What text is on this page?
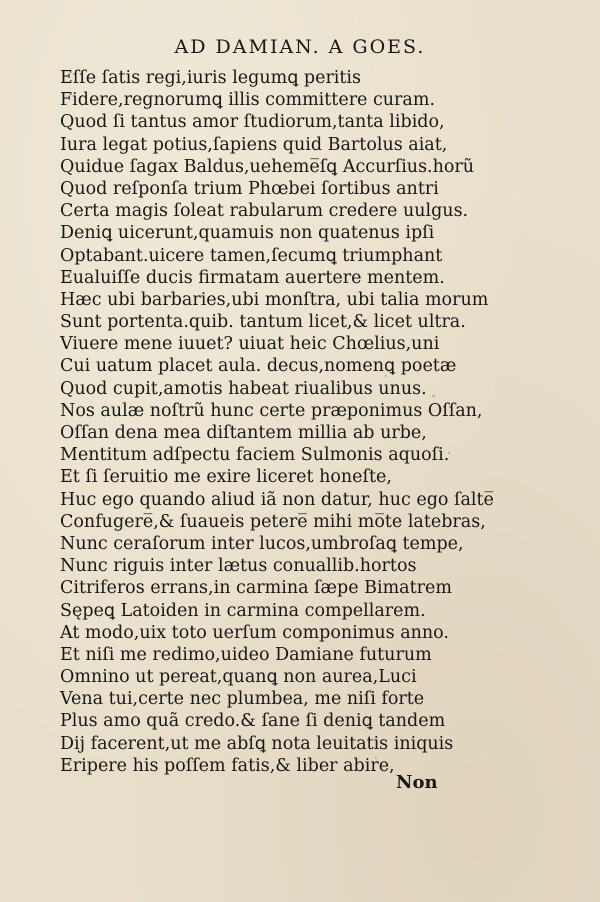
AD DAMIAN. A GOES.
Eſſe ſatis regi,iuris legumꝗ peritis
Fidere,regnorumꝗ illis committere curam.
Quod ſi tantus amor ſtudiorum,tanta libido,
Iura legat potius,ſapiens quid Bartolus aiat,
Quidue ſagax Baldus,ueheme̅ſꝗ Accurſius.horũ
Quod reſponſa trium Phœbei ſortibus antri
Certa magis ſoleat rabularum credere uulgus.
Deniꝗ uicerunt,quamuis non quatenus ipſi
Optabant.uicere tamen,ſecumꝗ triumphant
Eualuiſſe ducis firmatam auertere mentem.
Hæc ubi barbaries,ubi monſtra, ubi talia morum
Sunt portenta.quib. tantum licet,& licet ultra.
Viuere mene iuuet? uiuat heic Chœlius,uni
Cui uatum placet aula. decus,nomenꝗ poetæ
Quod cupit,amotis habeat riualibus unus.
Nos aulæ noſtrũ hunc certe præponimus Oſſan,
Oſſan dena mea diſtantem millia ab urbe,
Mentitum adſpectu faciem Sulmonis aquoſi.
Et ſi ſeruitio me exire liceret honeſte,
Huc ego quando aliud iã non datur, huc ego ſalte̅
Confugere̅,& ſuaueis petere̅ mihi mo̅te latebras,
Nunc ceraſorum inter lucos,umbroſaꝗ tempe,
Nunc riguis inter lætus conuallib.hortos
Citriferos errans,in carmina ſæpe Bimatrem
Sępeꝗ Latoiden in carmina compellarem.
At modo,uix toto uerſum componimus anno.
Et niſi me redimo,uideo Damiane futurum
Omnino ut pereat,quanꝗ non aurea,Luci
Vena tui,certe nec plumbea, me niſi forte
Plus amo quã credo.& ſane ſi deniꝗ tandem
Dij facerent,ut me abſꝗ nota leuitatis iniquis
Eripere his poſſem fatis,& liber abire,
Non
